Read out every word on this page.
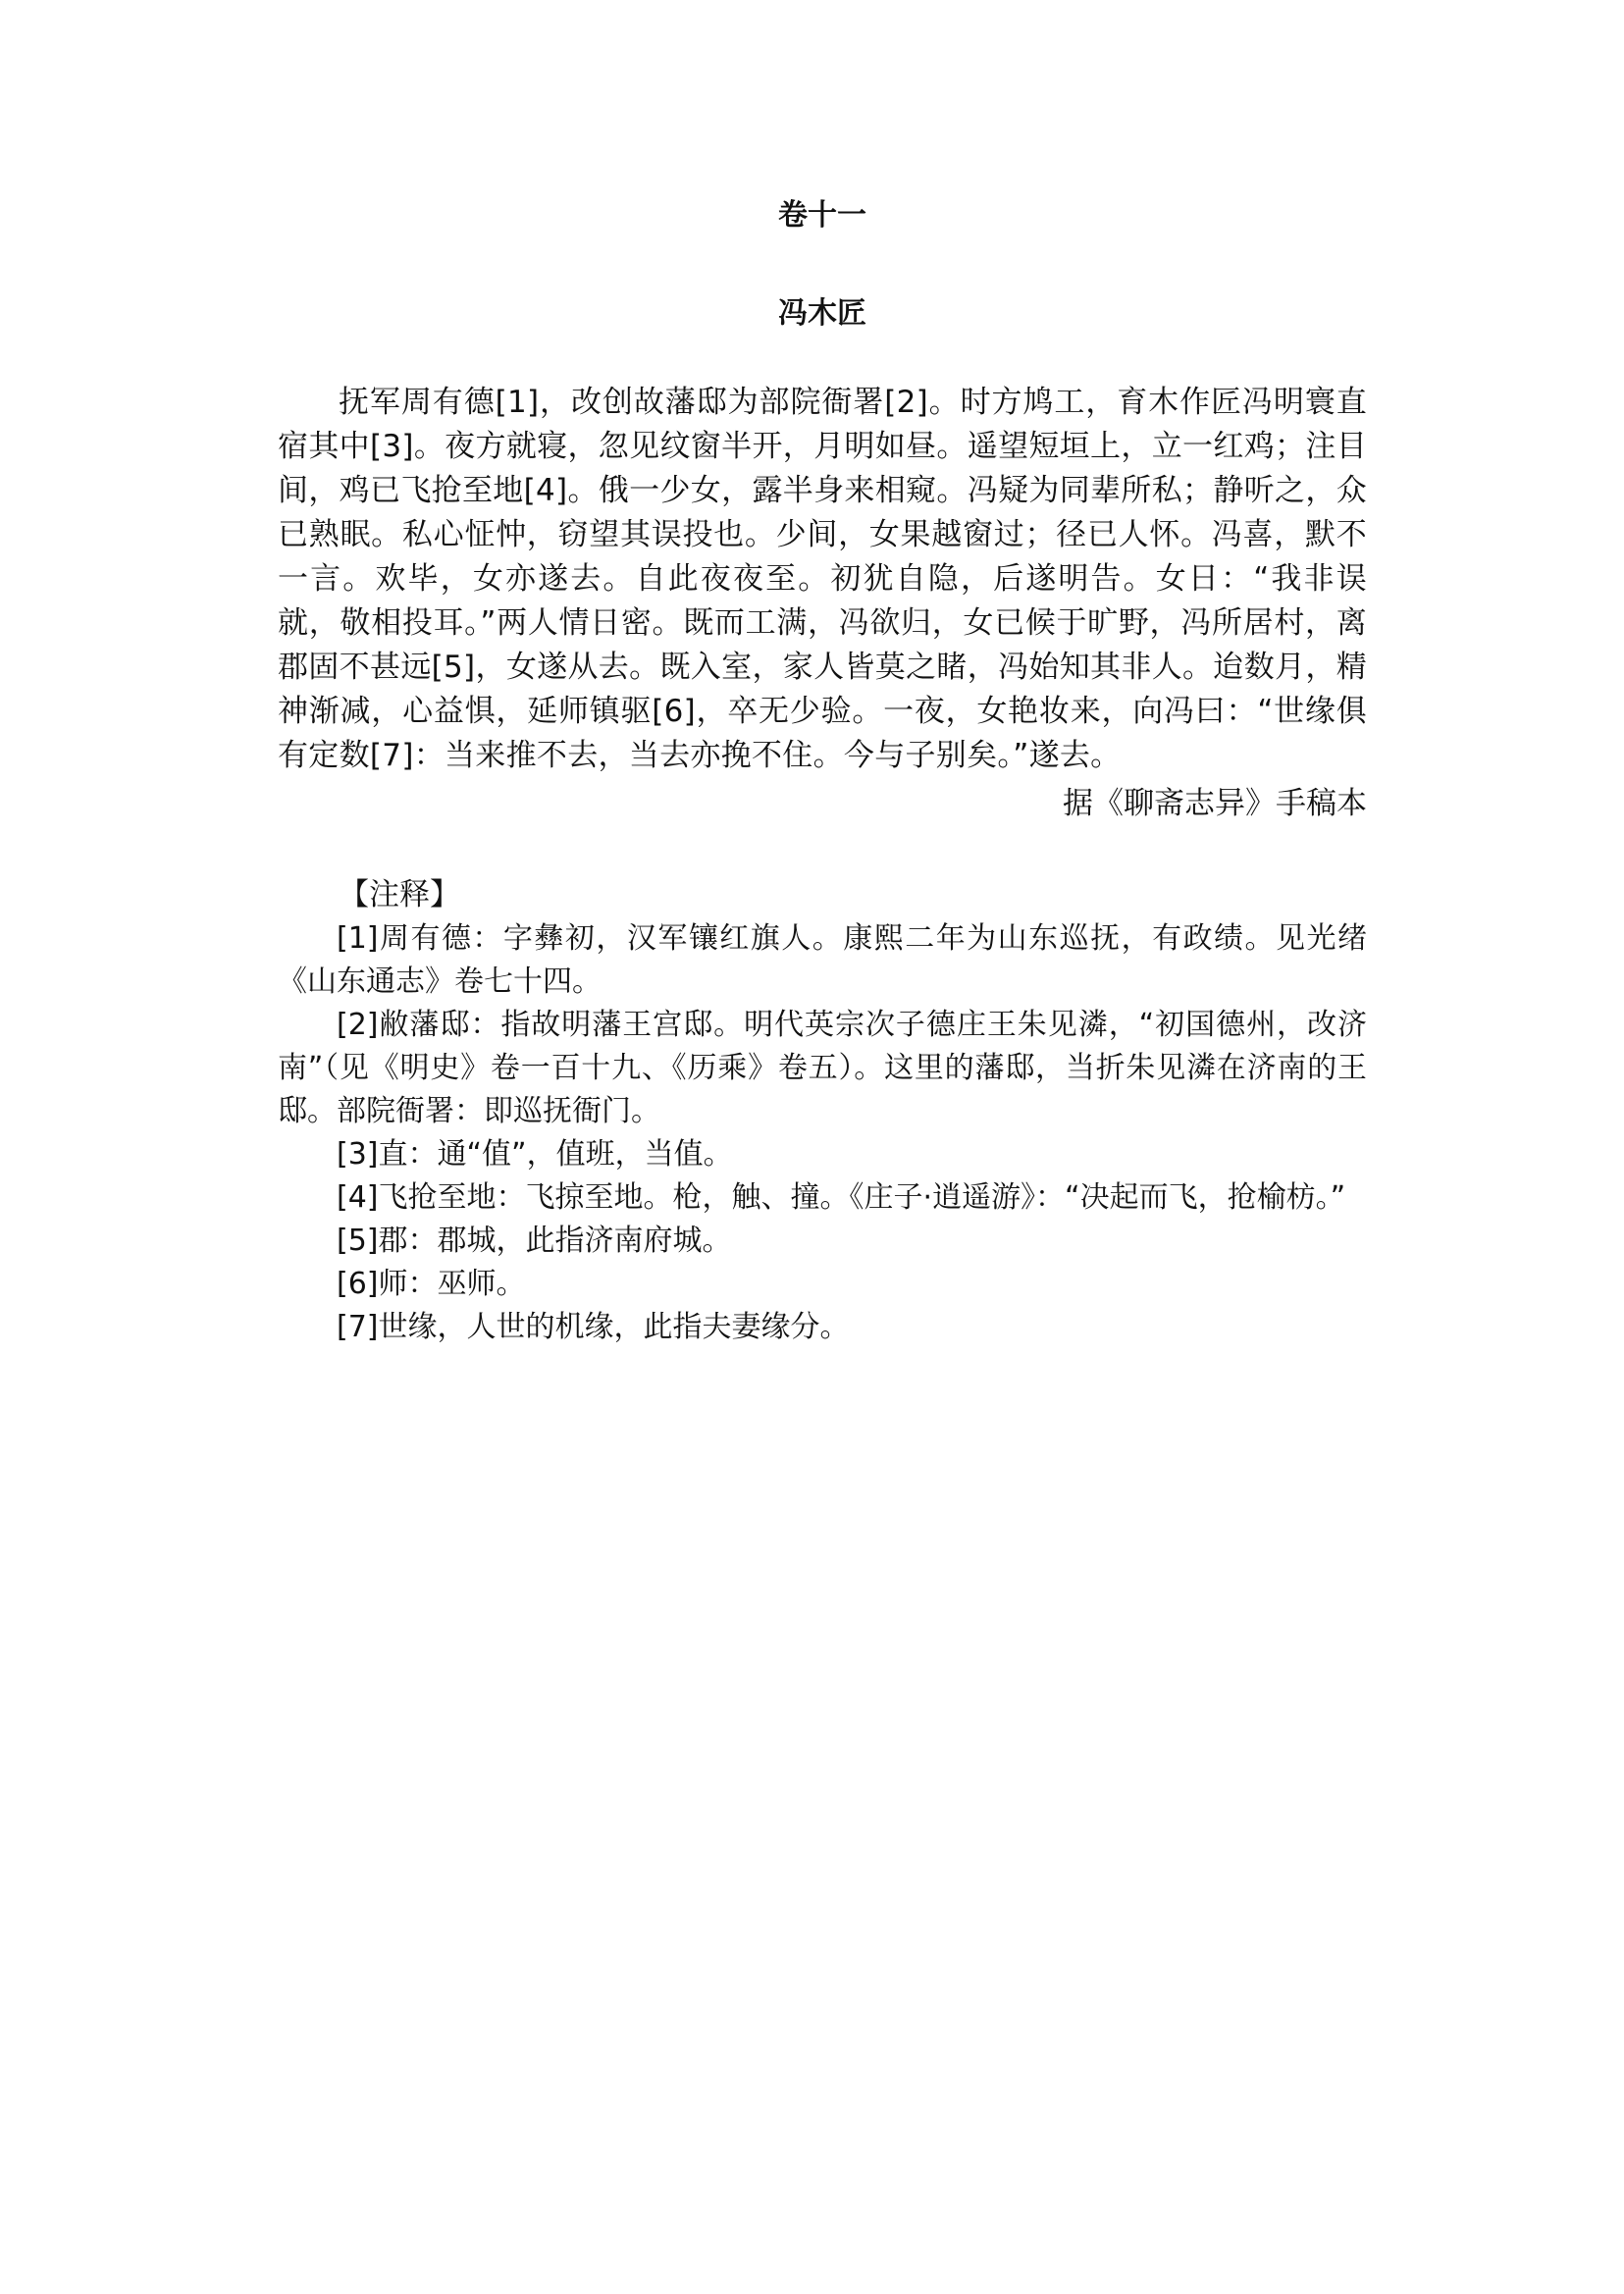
卷十一
冯木匠

抚军周有德[1]，改创故藩邸为部院衙署[2]。时方鸠工，育木作匠冯明寰直宿其中[3]。夜方就寝，忽见纹窗半开，月明如昼。遥望短垣上，立一红鸡；注目间，鸡已飞抢至地[4]。俄一少女，露半身来相窥。冯疑为同辈所私；静听之，众已熟眠。私心怔忡，窃望其误投也。少间，女果越窗过；径已人怀。冯喜，默不一言。欢毕，女亦遂去。自此夜夜至。初犹自隐，后遂明告。女日：“我非误就，敬相投耳。”两人情日密。既而工满，冯欲归，女已候于旷野，冯所居村，离郡固不甚远[5]，女遂从去。既入室，家人皆莫之睹，冯始知其非人。迨数月，精神渐减，心益惧，延师镇驱[6]，卒无少验。一夜，女艳妆来，向冯曰：“世缘俱有定数[7]：当来推不去，当去亦挽不住。今与子别矣。”遂去。

据《聊斋志异》手稿本

【注释】

[1]周有德：字彝初，汉军镶红旗人。康熙二年为山东巡抚，有政绩。见光绪《山东通志》卷七十四。

[2]敝藩邸：指故明藩王宫邸。明代英宗次子德庄王朱见潾，“初国德州，改济南”（见《明史》卷一百十九、《历乘》卷五）。这里的藩邸，当折朱见潾在济南的王邸。部院衙署：即巡抚衙门。

[3]直：通“值”，值班，当值。

[4]飞抢至地：飞掠至地。枪，触、撞。《庄子·逍遥游》：“决起而飞，抢榆枋。”

[5]郡：郡城，此指济南府城。

[6]师：巫师。

[7]世缘，人世的机缘，此指夫妻缘分。
